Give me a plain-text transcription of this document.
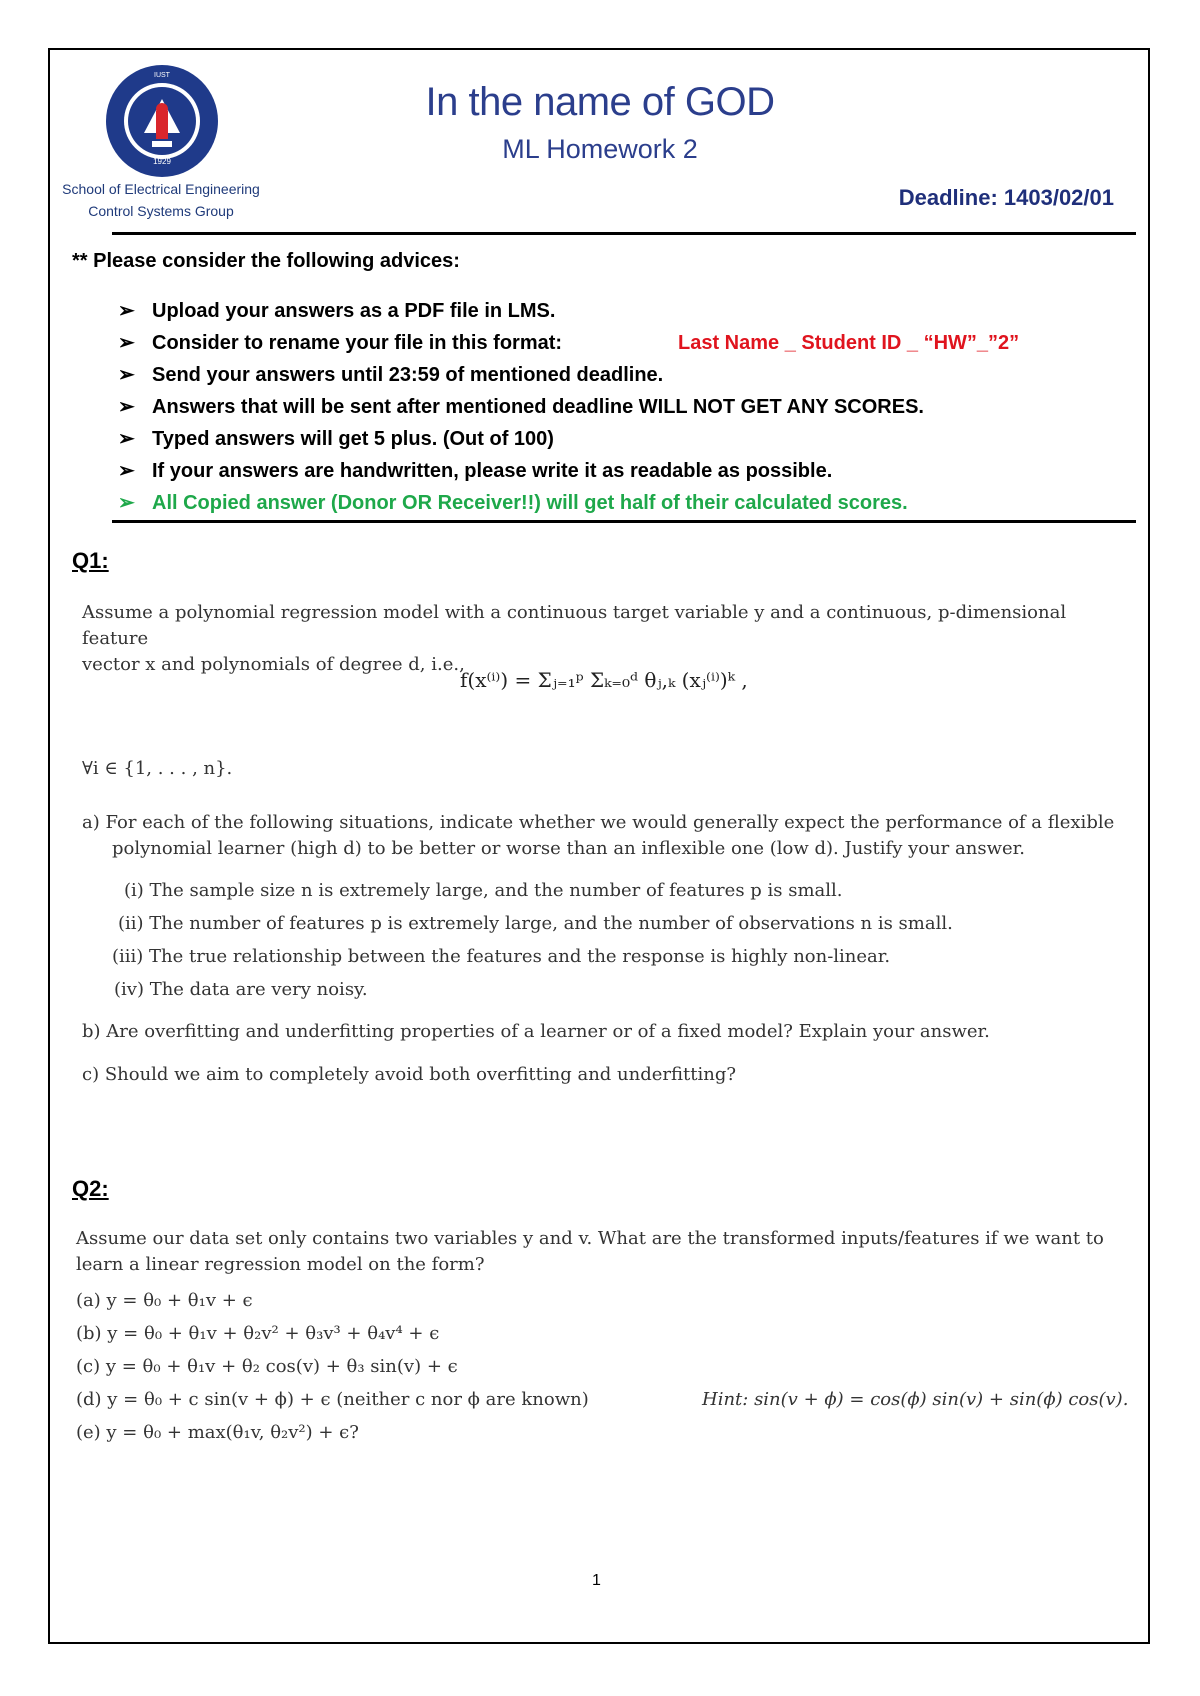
1929
IUST
School of Electrical Engineering
Control Systems Group
In the name of GOD
ML Homework 2
Deadline: 1403/02/01
** Please consider the following advices:
➢ Upload your answers as a PDF file in LMS.
➢ Consider to rename your file in this format:	Last Name _ Student ID _ “HW”_”2”
➢ Send your answers until 23:59 of mentioned deadline.
➢ Answers that will be sent after mentioned deadline WILL NOT GET ANY SCORES.
➢ Typed answers will get 5 plus. (Out of 100)
➢ If your answers are handwritten, please write it as readable as possible.
➢ All Copied answer (Donor OR Receiver!!) will get half of their calculated scores.
Q1:
Assume a polynomial regression model with a continuous target variable y and a continuous, p-dimensional feature
vector x and polynomials of degree d, i.e.,
f(x⁽ⁱ⁾) = Σⱼ₌₁ᵖ Σₖ₌₀ᵈ θⱼ,ₖ (xⱼ⁽ⁱ⁾)ᵏ ,
∀i ∈ {1, . . . , n}.
a) For each of the following situations, indicate whether we would generally expect the performance of a flexible
polynomial learner (high d) to be better or worse than an inflexible one (low d). Justify your answer.
(i) The sample size n is extremely large, and the number of features p is small.
(ii) The number of features p is extremely large, and the number of observations n is small.
(iii) The true relationship between the features and the response is highly non-linear.
(iv) The data are very noisy.
b) Are overfitting and underfitting properties of a learner or of a fixed model? Explain your answer.
c) Should we aim to completely avoid both overfitting and underfitting?
Q2:
Assume our data set only contains two variables y and v. What are the transformed inputs/features if we want to
learn a linear regression model on the form?
(a) y = θ₀ + θ₁v + ϵ
(b) y = θ₀ + θ₁v + θ₂v² + θ₃v³ + θ₄v⁴ + ϵ
(c) y = θ₀ + θ₁v + θ₂ cos(v) + θ₃ sin(v) + ϵ
(d) y = θ₀ + c sin(v + ϕ) + ϵ (neither c nor ϕ are known)	Hint: sin(v + ϕ) = cos(ϕ) sin(v) + sin(ϕ) cos(v).
(e) y = θ₀ + max(θ₁v, θ₂v²) + ϵ?
1
